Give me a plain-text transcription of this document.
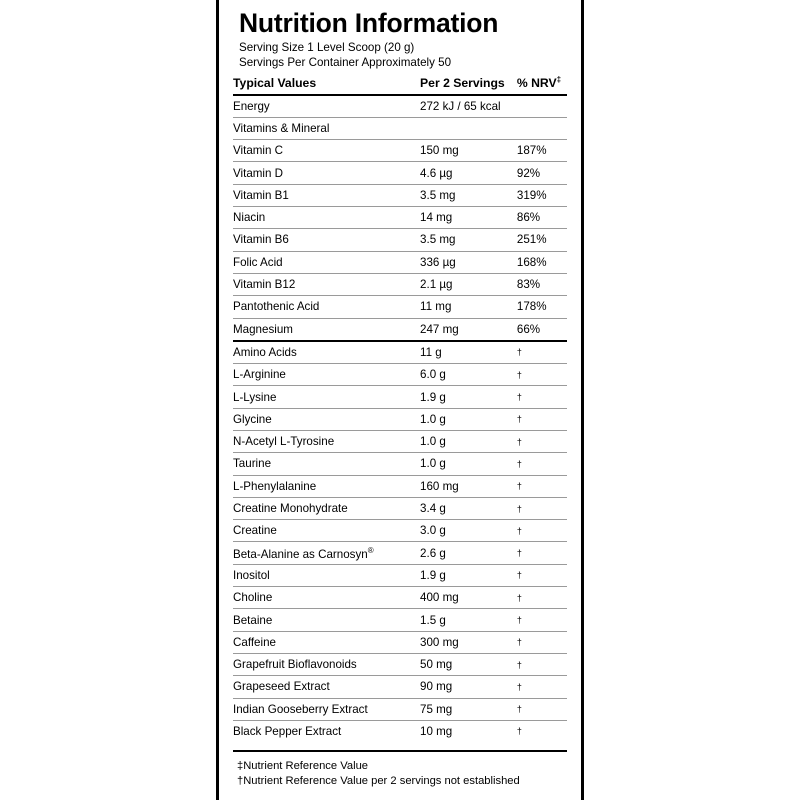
Nutrition Information
Serving Size 1 Level Scoop (20 g)
Servings Per Container Approximately 50
Typical Values	Per 2 Servings	% NRV‡
Energy	272 kJ / 65 kcal	
Vitamins & Mineral		
Vitamin C	150 mg	187%
Vitamin D	4.6 µg	92%
Vitamin B1	3.5 mg	319%
Niacin	14 mg	86%
Vitamin B6	3.5 mg	251%
Folic Acid	336 µg	168%
Vitamin B12	2.1 µg	83%
Pantothenic Acid	11 mg	178%
Magnesium	247 mg	66%
Amino Acids	11 g	†
L-Arginine	6.0 g	†
L-Lysine	1.9 g	†
Glycine	1.0 g	†
N-Acetyl L-Tyrosine	1.0 g	†
Taurine	1.0 g	†
L-Phenylalanine	160 mg	†
Creatine Monohydrate	3.4 g	†
Creatine	3.0 g	†
Beta-Alanine as Carnosyn®	2.6 g	†
Inositol	1.9 g	†
Choline	400 mg	†
Betaine	1.5 g	†
Caffeine	300 mg	†
Grapefruit Bioflavonoids	50 mg	†
Grapeseed Extract	90 mg	†
Indian Gooseberry Extract	75 mg	†
Black Pepper Extract	10 mg	†
‡Nutrient Reference Value
†Nutrient Reference Value per 2 servings not established
